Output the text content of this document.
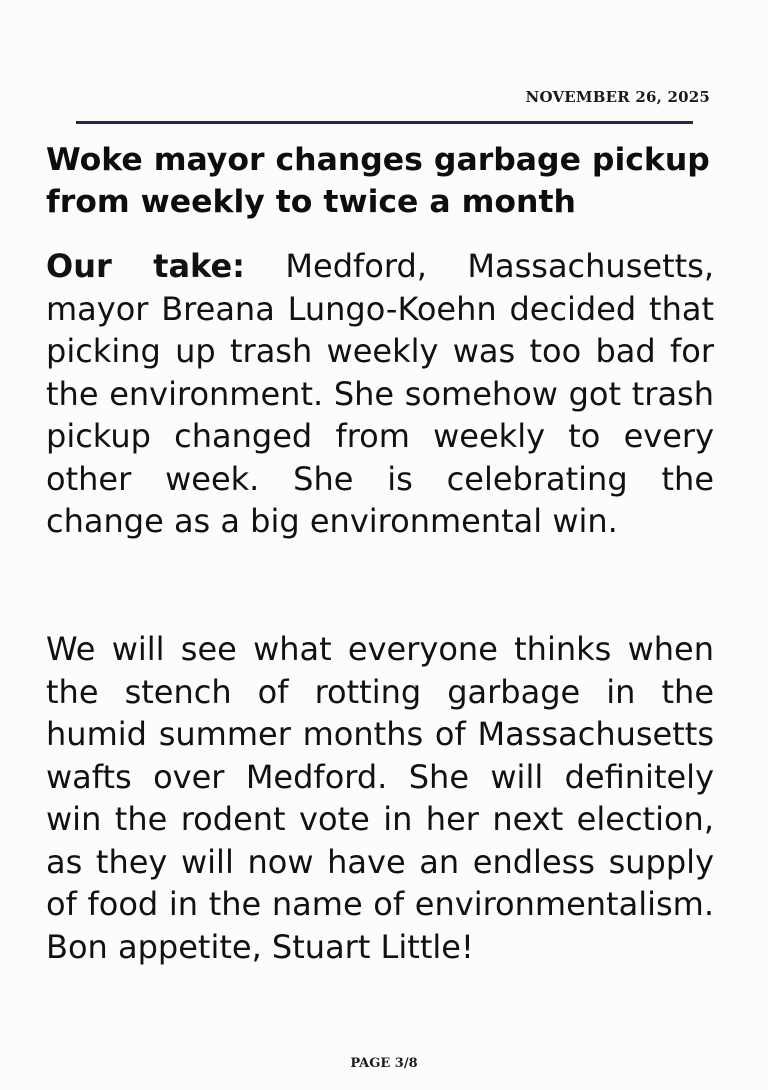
NOVEMBER 26, 2025
Woke mayor changes garbage pickup from weekly to twice a month

Our take: Medford, Massachusetts, mayor Breana Lungo-Koehn decided that picking up trash weekly was too bad for the environment. She somehow got trash pickup changed from weekly to every other week. She is celebrating the change as a big environmental win.

We will see what everyone thinks when the stench of rotting garbage in the humid summer months of Massachusetts wafts over Medford. She will definitely win the rodent vote in her next election, as they will now have an endless supply of food in the name of environmentalism. Bon appetite, Stuart Little!

PAGE 3/8
